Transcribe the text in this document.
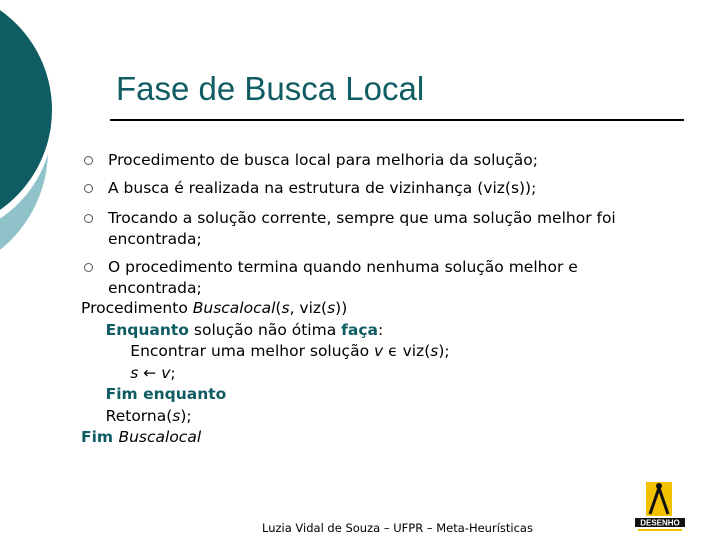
Fase de Busca Local
Procedimento de busca local para melhoria da solução;
A busca é realizada na estrutura de vizinhança (viz(s));
Trocando a solução corrente, sempre que uma solução melhor foi encontrada;
O procedimento termina quando nenhuma solução melhor e encontrada;
Procedimento Buscalocal(s, viz(s))
Enquanto solução não ótima faça:
Encontrar uma melhor solução v ϵ viz(s);
s ← v;
Fim enquanto
Retorna(s);
Fim Buscalocal
Luzia Vidal de Souza – UFPR – Meta-Heurísticas	DESENHO
